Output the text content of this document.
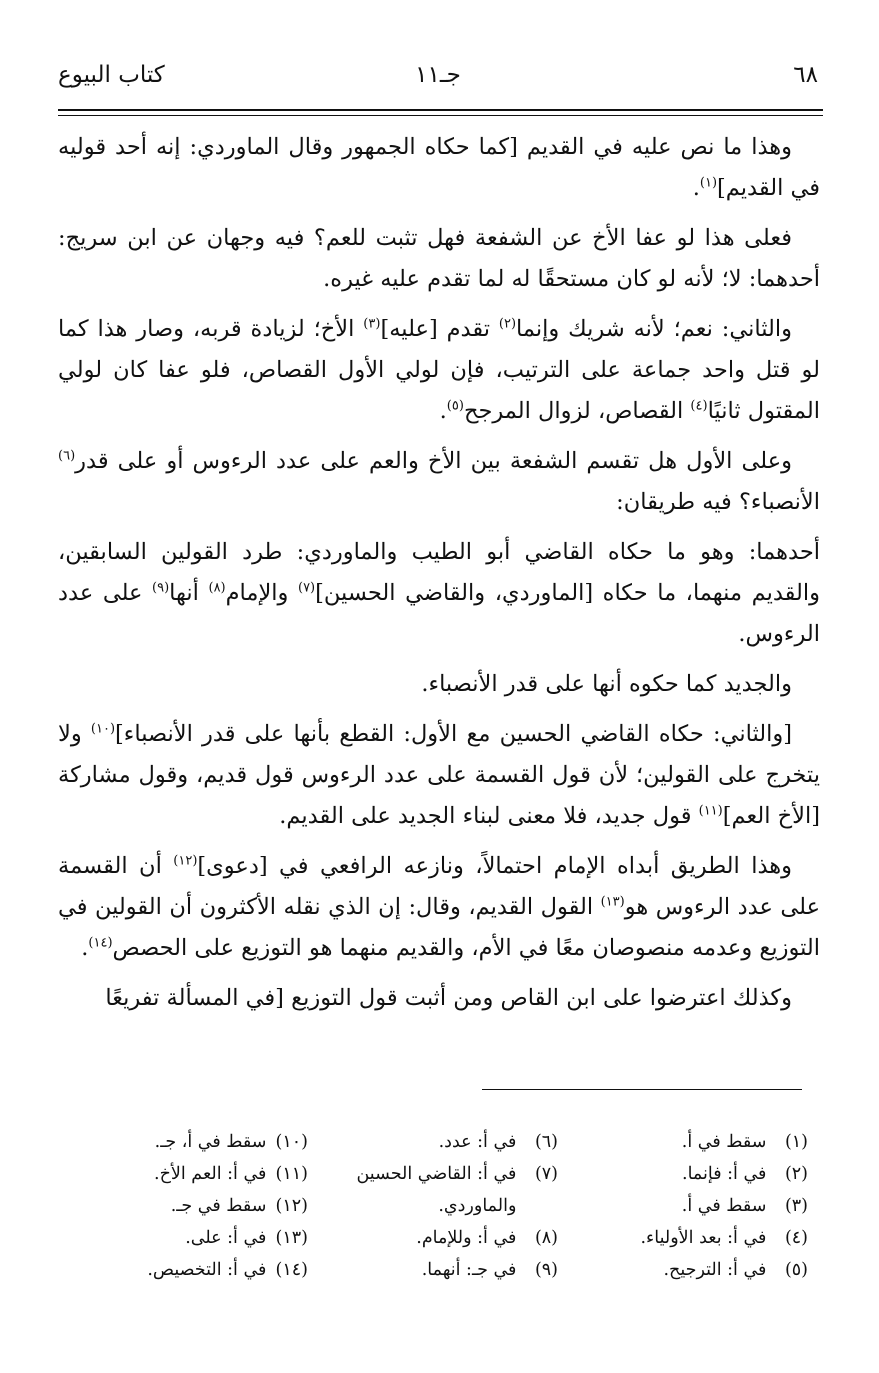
٦٨
جـ١١
كتاب البيوع

وهذا ما نص عليه في القديم [كما حكاه الجمهور وقال الماوردي: إنه أحد قوليه في القديم]$^{(١)}$.

فعلى هذا لو عفا الأخ عن الشفعة فهل تثبت للعم؟ فيه وجهان عن ابن سريج: أحدهما: لا؛ لأنه لو كان مستحقًا له لما تقدم عليه غيره.

والثاني: نعم؛ لأنه شريك وإنما$^{(٢)}$ تقدم [عليه]$^{(٣)}$ الأخ؛ لزيادة قربه، وصار هذا كما لو قتل واحد جماعة على الترتيب، فإن لولي الأول القصاص، فلو عفا كان لولي المقتول ثانيًا$^{(٤)}$ القصاص، لزوال المرجح$^{(٥)}$.

وعلى الأول هل تقسم الشفعة بين الأخ والعم على عدد الرءوس أو على قدر$^{(٦)}$ الأنصباء؟ فيه طريقان:

أحدهما: وهو ما حكاه القاضي أبو الطيب والماوردي: طرد القولين السابقين، والقديم منهما، ما حكاه [الماوردي، والقاضي الحسين]$^{(٧)}$ والإمام$^{(٨)}$ أنها$^{(٩)}$ على عدد الرءوس.

والجديد كما حكوه أنها على قدر الأنصباء.

[والثاني: حكاه القاضي الحسين مع الأول: القطع بأنها على قدر الأنصباء]$^{(١٠)}$ ولا يتخرج على القولين؛ لأن قول القسمة على عدد الرءوس قول قديم، وقول مشاركة [الأخ العم]$^{(١١)}$ قول جديد، فلا معنى لبناء الجديد على القديم.

وهذا الطريق أبداه الإمام احتمالاً، ونازعه الرافعي في [دعوى]$^{(١٢)}$ أن القسمة على عدد الرءوس هو$^{(١٣)}$ القول القديم، وقال: إن الذي نقله الأكثرون أن القولين في التوزيع وعدمه منصوصان معًا في الأم، والقديم منهما هو التوزيع على الحصص$^{(١٤)}$.

وكذلك اعترضوا على ابن القاص ومن أثبت قول التوزيع [في المسألة تفريعًا

(١) سقط في أ.
(٢) في أ: فإنما.
(٣) سقط في أ.
(٤) في أ: بعد الأولياء.
(٥) في أ: الترجيح.
(٦) في أ: عدد.
(٧) في أ: القاضي الحسين
والماوردي.
(٨) في أ: وللإمام.
(٩) في جـ: أنهما.
(١٠) سقط في أ، جـ.
(١١) في أ: العم الأخ.
(١٢) سقط في جـ.
(١٣) في أ: على.
(١٤) في أ: التخصيص.
